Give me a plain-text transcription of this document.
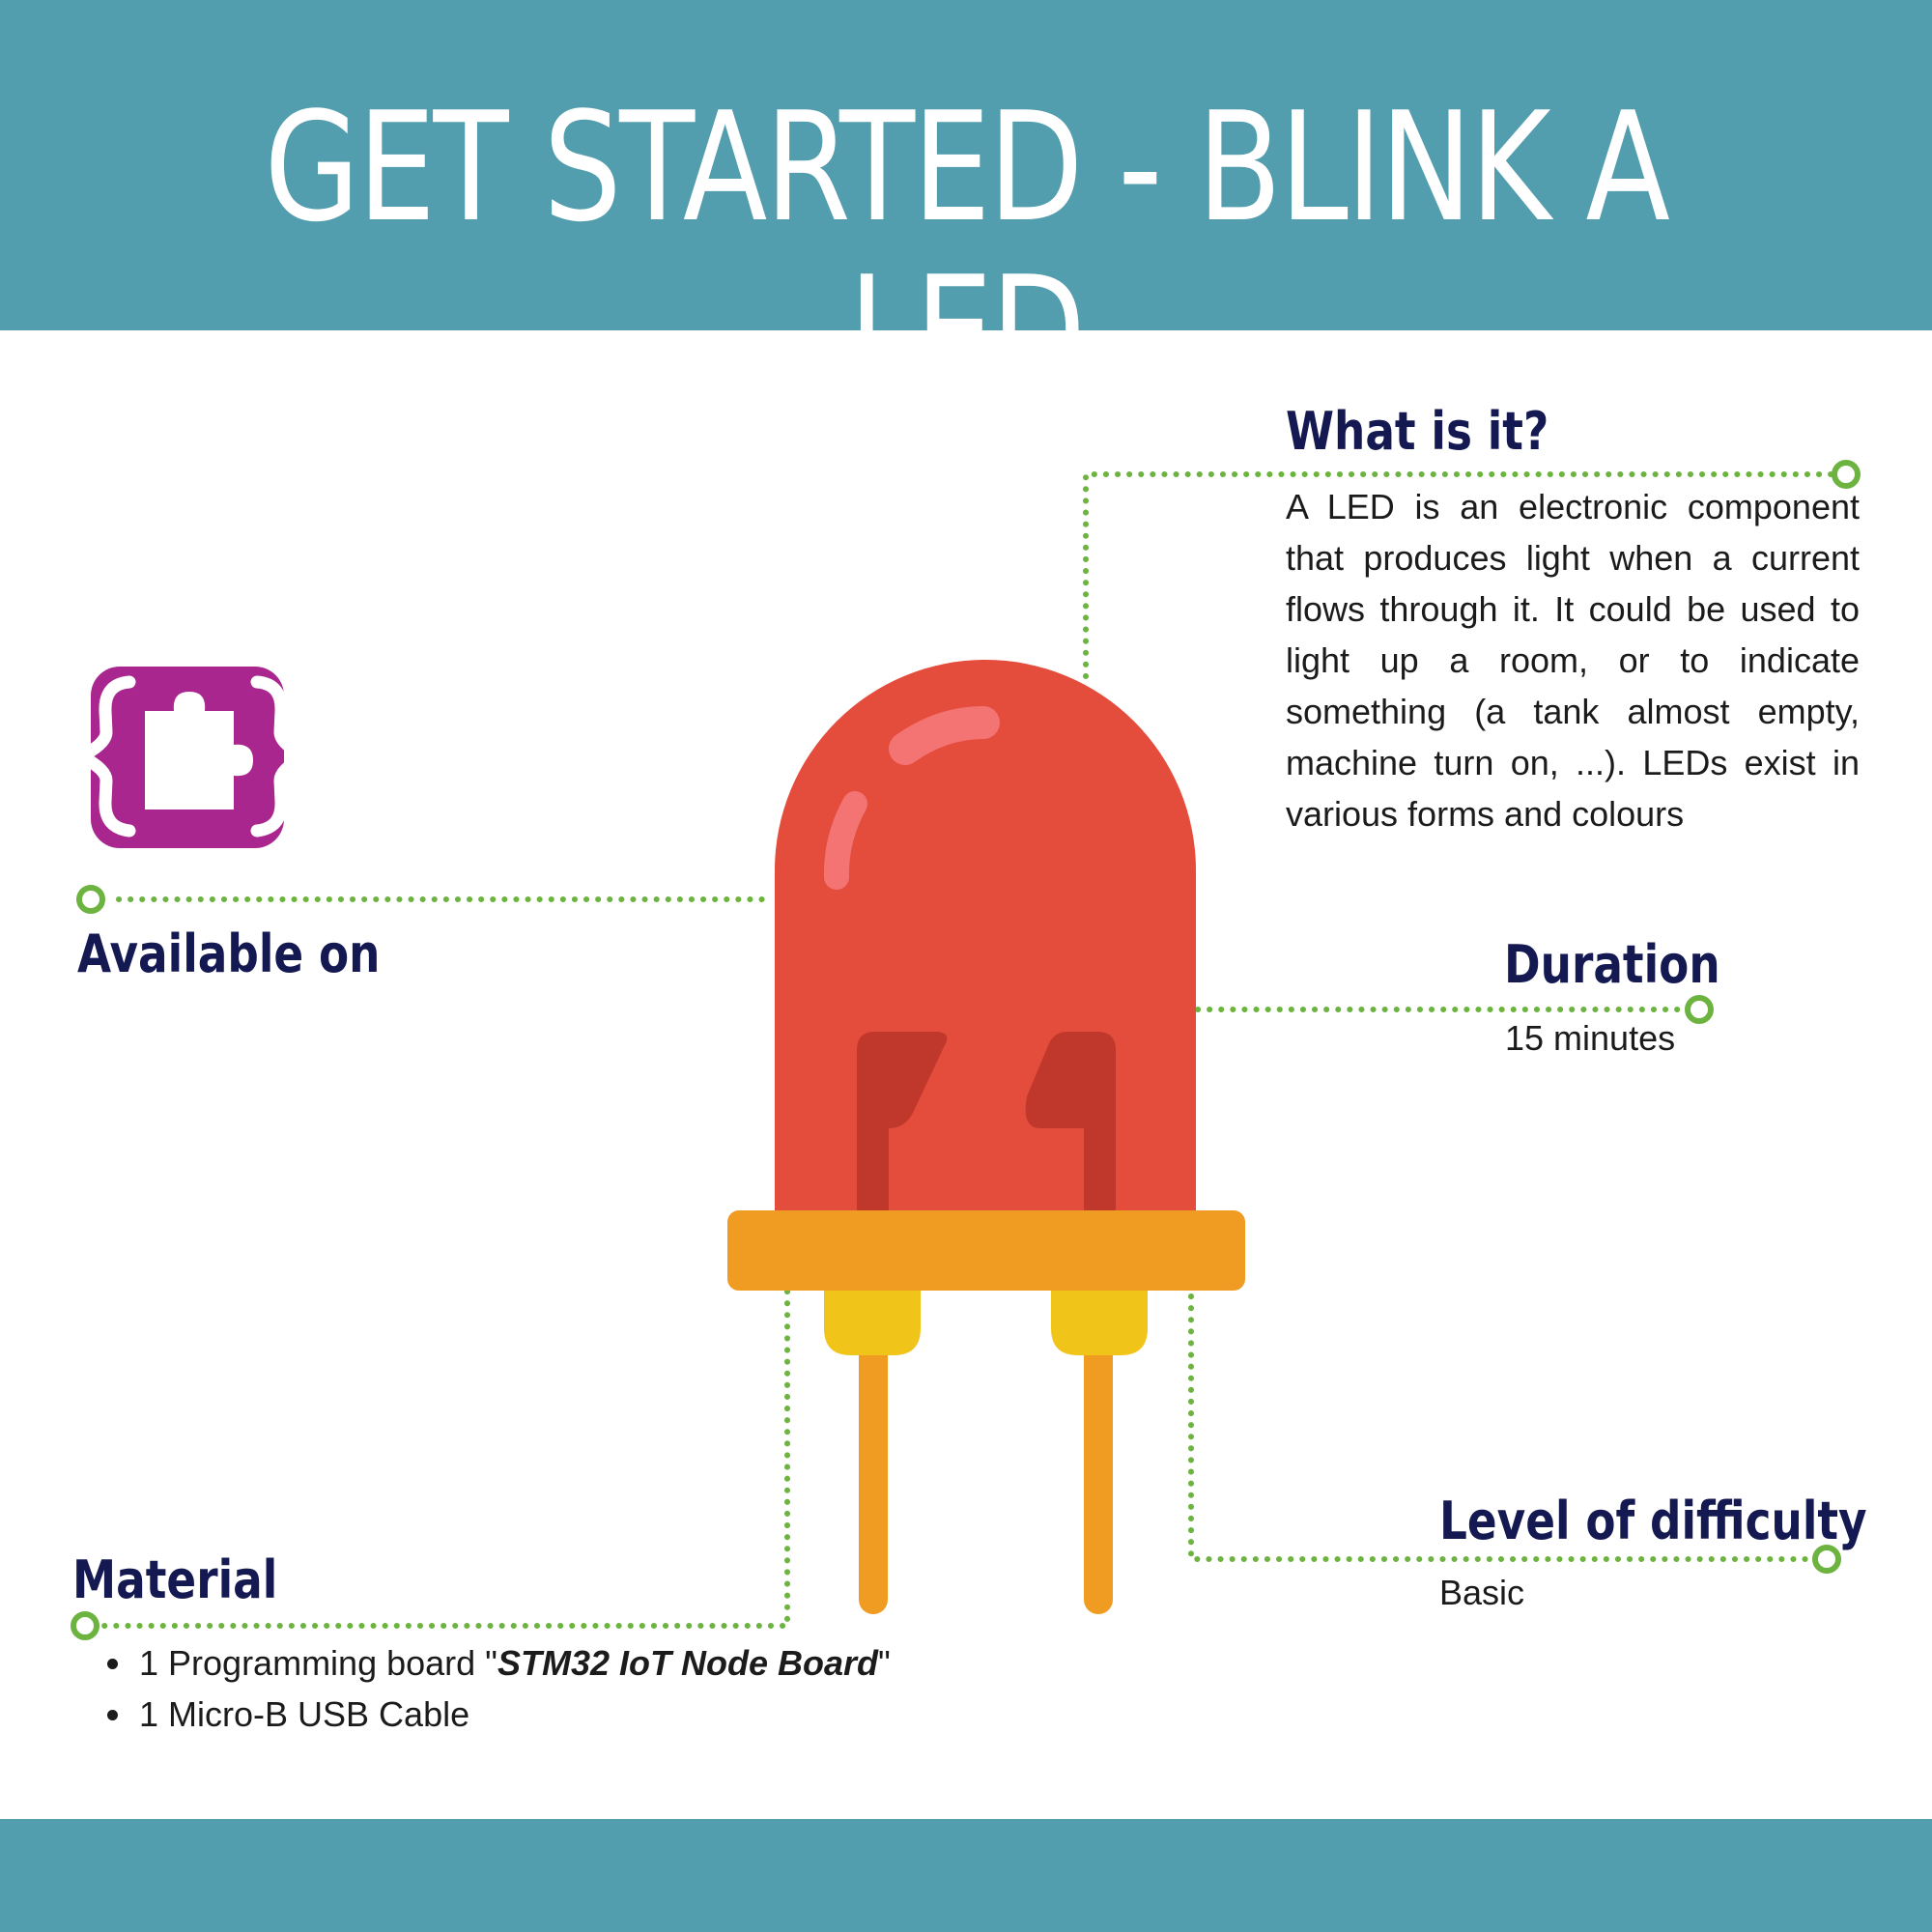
GET STARTED - BLINK A LED
What is it?

A LED is an electronic component that produces light when a current flows through it. It could be used to light up a room, or to indicate something (a tank almost empty, machine turn on, ...). LEDs exist in various forms and colours

Available on	Duration

15 minutes

Level of difficulty

Basic

Material
• 1 Programming board "STM32 IoT Node Board"
• 1 Micro-B USB Cable
